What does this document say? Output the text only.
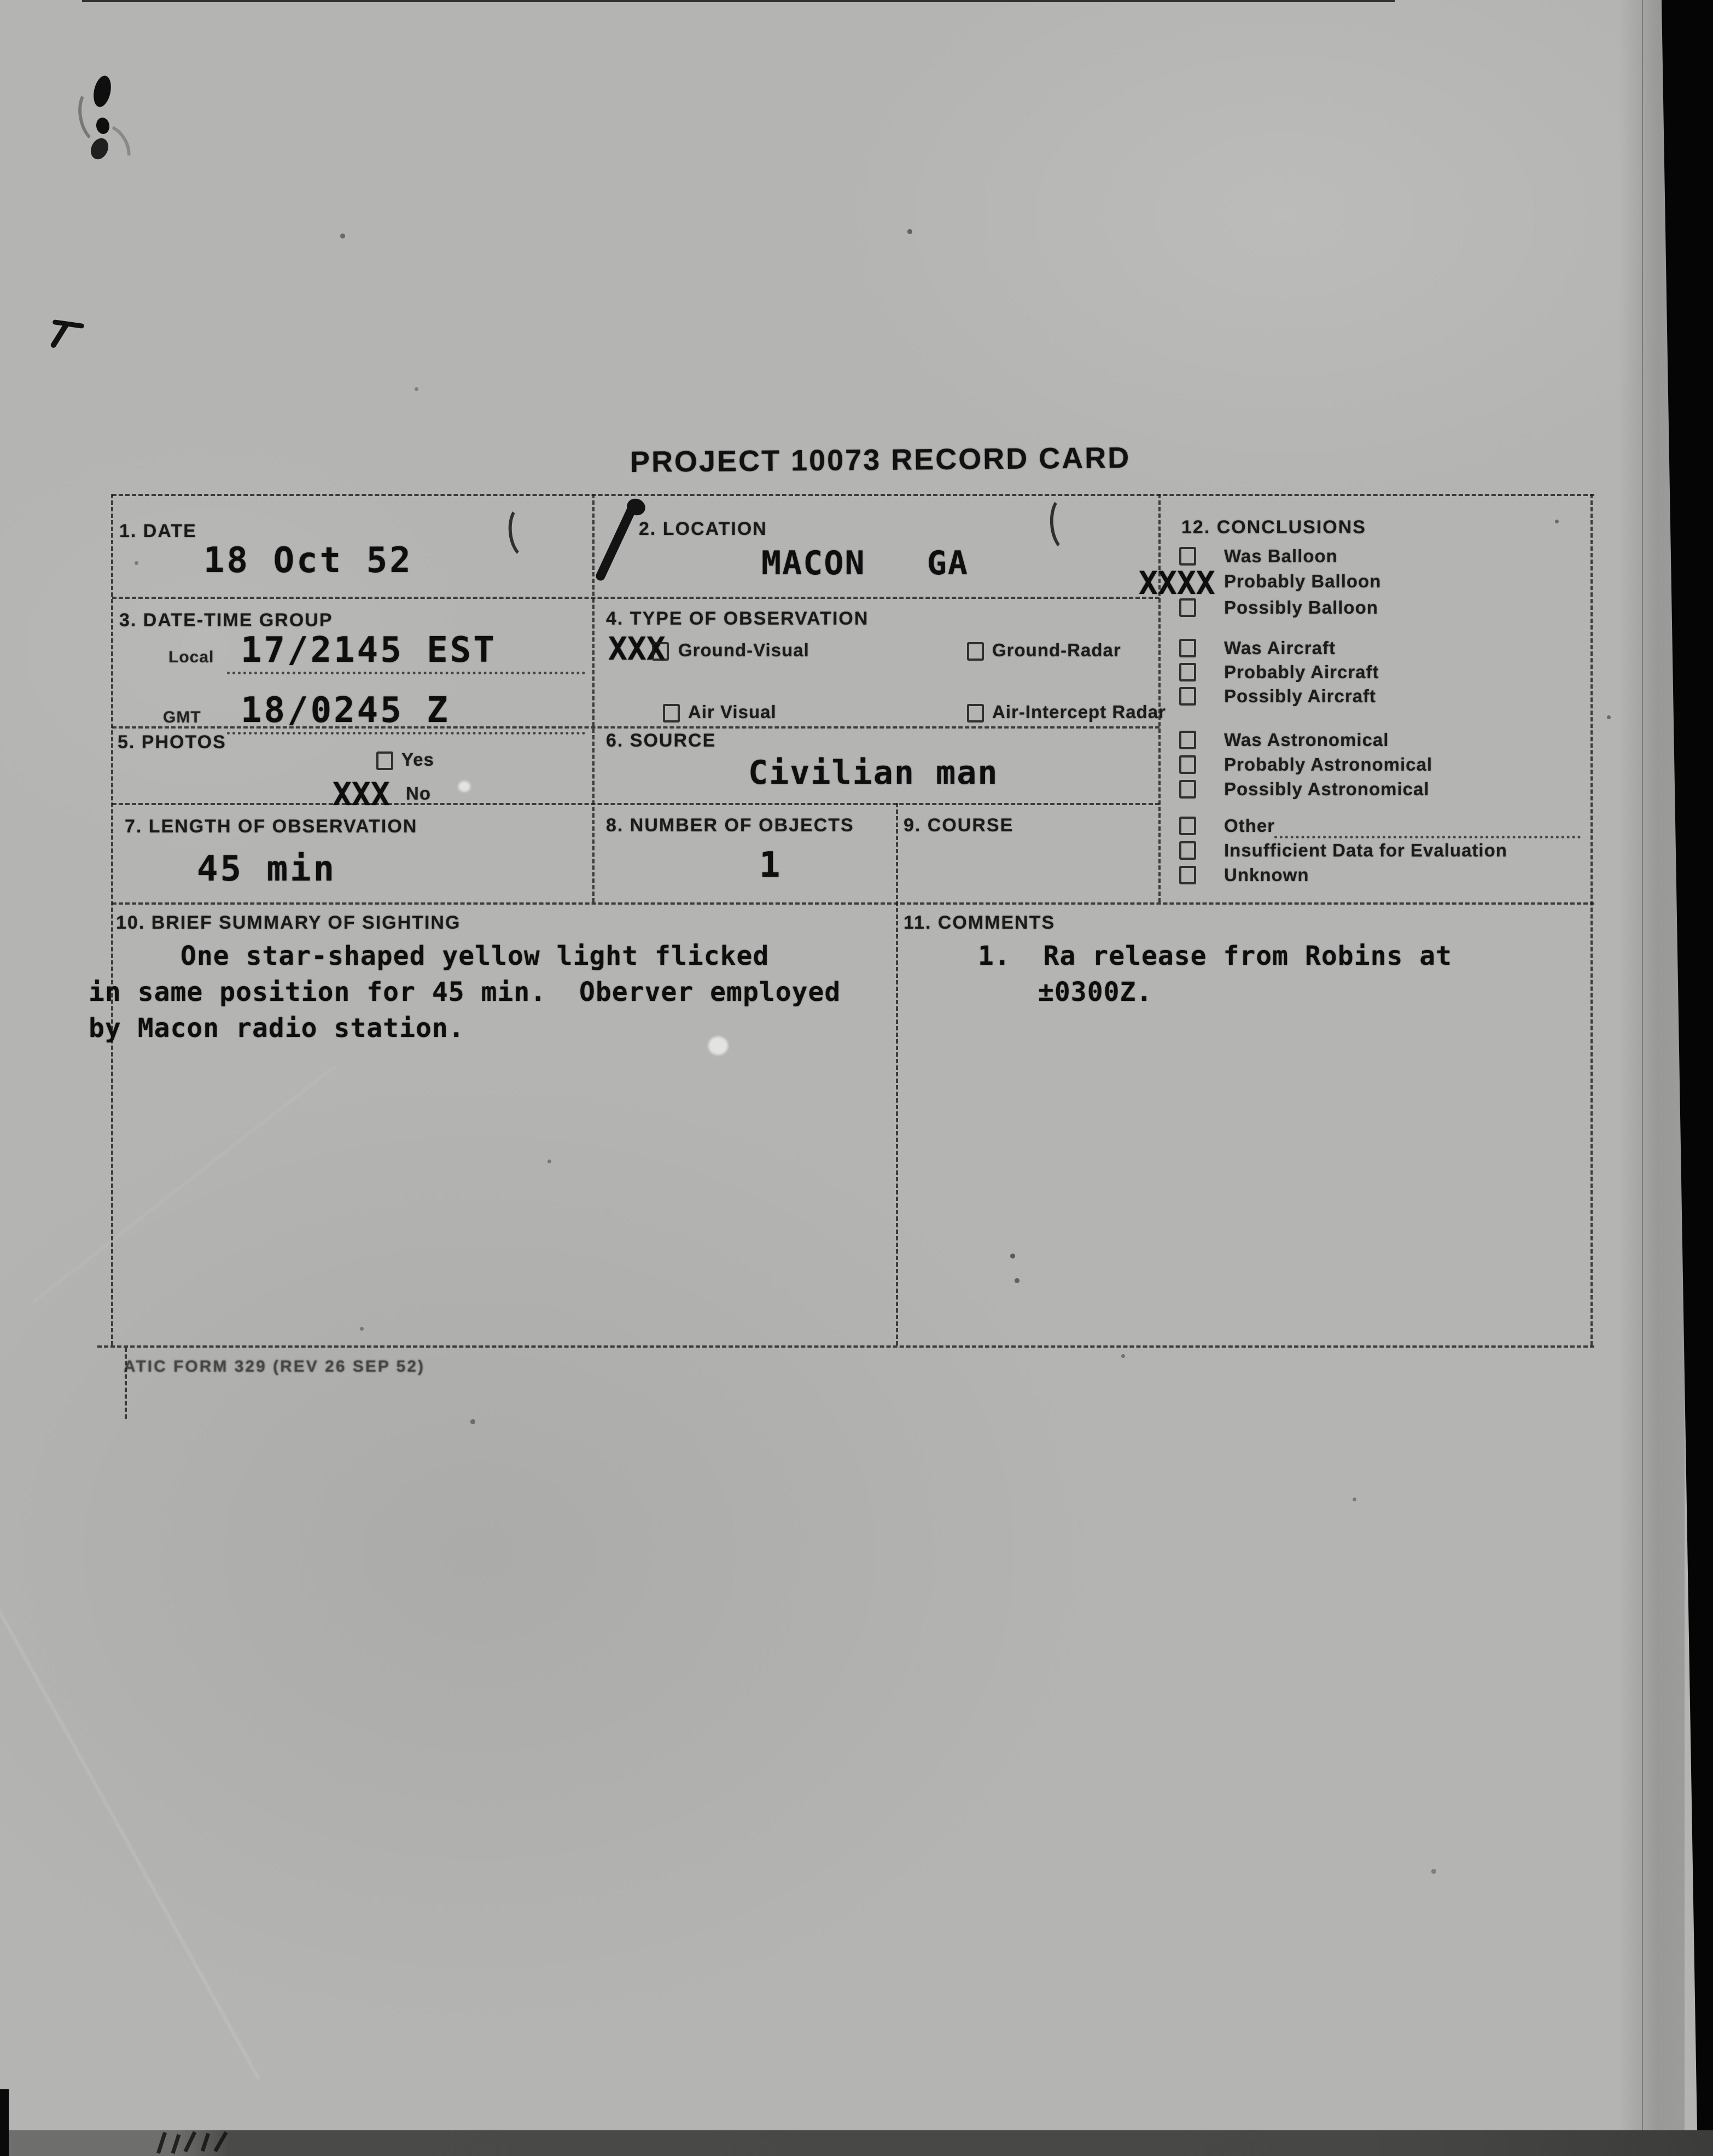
PROJECT 10073 RECORD CARD
1. DATE
18 Oct 52
2. LOCATION
MACON GA
12. CONCLUSIONS
Was Balloon
XXXX Probably Balloon
Possibly Balloon
Was Aircraft
Probably Aircraft
Possibly Aircraft
Was Astronomical
Probably Astronomical
Possibly Astronomical
Other
Insufficient Data for Evaluation
Unknown
3. DATE-TIME GROUP
Local 17/2145 EST
GMT 18/0245 Z
4. TYPE OF OBSERVATION
XXX Ground-Visual	Ground-Radar
Air Visual	Air-Intercept Radar
5. PHOTOS
Yes
XXX No
6. SOURCE
Civilian man
7. LENGTH OF OBSERVATION
45 min
8. NUMBER OF OBJECTS
1
9. COURSE
10. BRIEF SUMMARY OF SIGHTING
One star-shaped yellow light flicked
in same position for 45 min.  Oberver employed
by Macon radio station.
11. COMMENTS
1.  Ra release from Robins at
±0300Z.
ATIC FORM 329 (REV 26 SEP 52)
